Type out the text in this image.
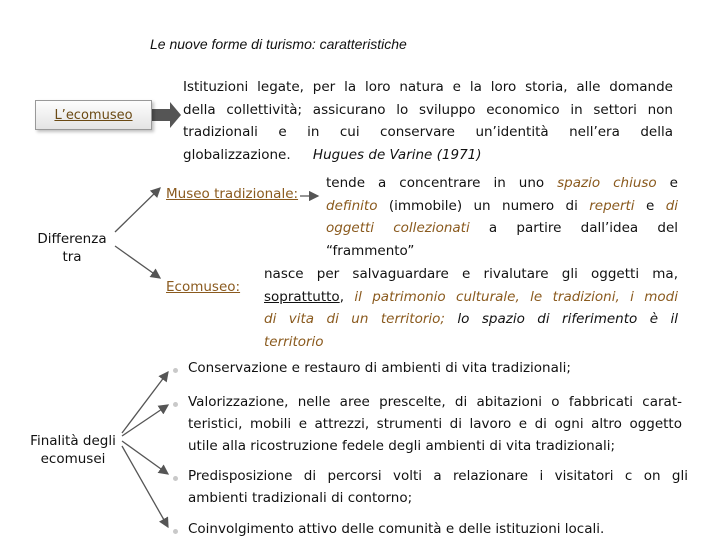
Le nuove forme di turismo: caratteristiche
L’ecomuseo
Istituzioni legate, per la loro natura e la loro storia, alle domande
della collettività; assicurano lo sviluppo economico in settori non
tradizionali e in cui conservare un’identità nell’era della
globalizzazione. Hugues de Varine (1971)
Differenza
tra
Museo tradizionale:
tende a concentrare in uno spazio chiuso e
definito (immobile) un numero di reperti e di
oggetti collezionati a partire dall’idea del
“frammento”
Ecomuseo:
nasce per salvaguardare e rivalutare gli oggetti ma,
soprattutto, il patrimonio culturale, le tradizioni, i modi
di vita di un territorio; lo spazio di riferimento è il
territorio
Finalità degli
ecomusei
Conservazione e restauro di ambienti di vita tradizionali;
Valorizzazione, nelle aree prescelte, di abitazioni o fabbricati carat-
teristici, mobili e attrezzi, strumenti di lavoro e di ogni altro oggetto
utile alla ricostruzione fedele degli ambienti di vita tradizionali;
Predisposizione di percorsi volti a relazionare i visitatori c on gli
ambienti tradizionali di contorno;
Coinvolgimento attivo delle comunità e delle istituzioni locali.
